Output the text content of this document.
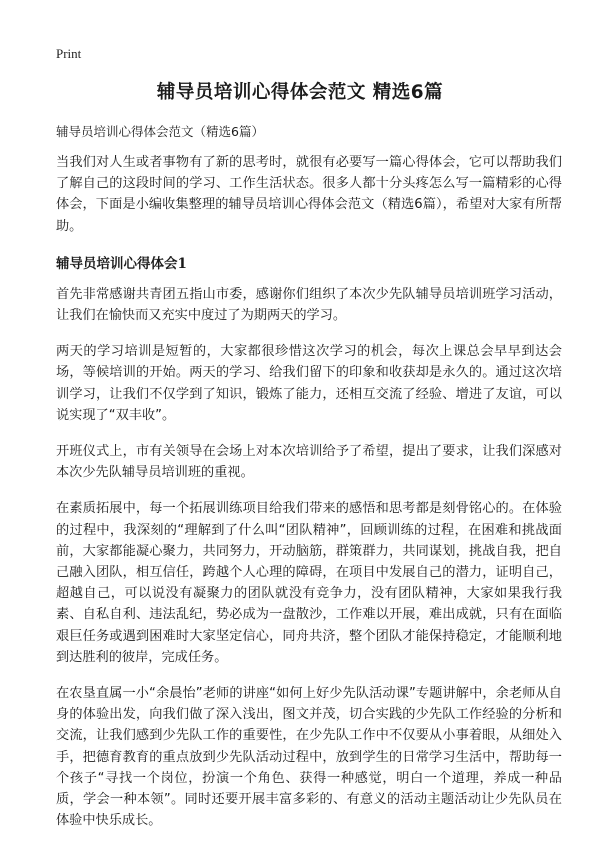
Print
辅导员培训心得体会范文 精选6篇
辅导员培训心得体会范文（精选6篇）

当我们对人生或者事物有了新的思考时，就很有必要写一篇心得体会，它可以帮助我们了解自己的这段时间的学习、工作生活状态。很多人都十分头疼怎么写一篇精彩的心得体会，下面是小编收集整理的辅导员培训心得体会范文（精选6篇），希望对大家有所帮助。

辅导员培训心得体会1

首先非常感谢共青团五指山市委，感谢你们组织了本次少先队辅导员培训班学习活动，让我们在愉快而又充实中度过了为期两天的学习。

两天的学习培训是短暂的，大家都很珍惜这次学习的机会，每次上课总会早早到达会场，等候培训的开始。两天的学习、给我们留下的印象和收获却是永久的。通过这次培训学习，让我们不仅学到了知识，锻炼了能力，还相互交流了经验、增进了友谊，可以说实现了“双丰收”。

开班仪式上，市有关领导在会场上对本次培训给予了希望，提出了要求，让我们深感对本次少先队辅导员培训班的重视。

在素质拓展中，每一个拓展训练项目给我们带来的感悟和思考都是刻骨铭心的。在体验的过程中，我深刻的“理解到了什么叫“团队精神”，回顾训练的过程，在困难和挑战面前，大家都能凝心聚力，共同努力，开动脑筋，群策群力，共同谋划，挑战自我，把自己融入团队，相互信任，跨越个人心理的障碍，在项目中发展自己的潜力，证明自己，超越自己，可以说没有凝聚力的团队就没有竞争力，没有团队精神，大家如果我行我素、自私自利、违法乱纪，势必成为一盘散沙，工作难以开展，难出成就，只有在面临艰巨任务或遇到困难时大家坚定信心，同舟共济，整个团队才能保持稳定，才能顺利地到达胜利的彼岸，完成任务。

在农垦直属一小“余晨怡”老师的讲座“如何上好少先队活动课”专题讲解中，余老师从自身的体验出发，向我们做了深入浅出，图文并茂，切合实践的少先队工作经验的分析和交流，让我们感到少先队工作的重要性，在少先队工作中不仅要从小事着眼，从细处入手，把德育教育的重点放到少先队活动过程中，放到学生的日常学习生活中，帮助每一个孩子“寻找一个岗位，扮演一个角色、获得一种感觉，明白一个道理，养成一种品质，学会一种本领”。同时还要开展丰富多彩的、有意义的活动主题活动让少先队员在体验中快乐成长。
